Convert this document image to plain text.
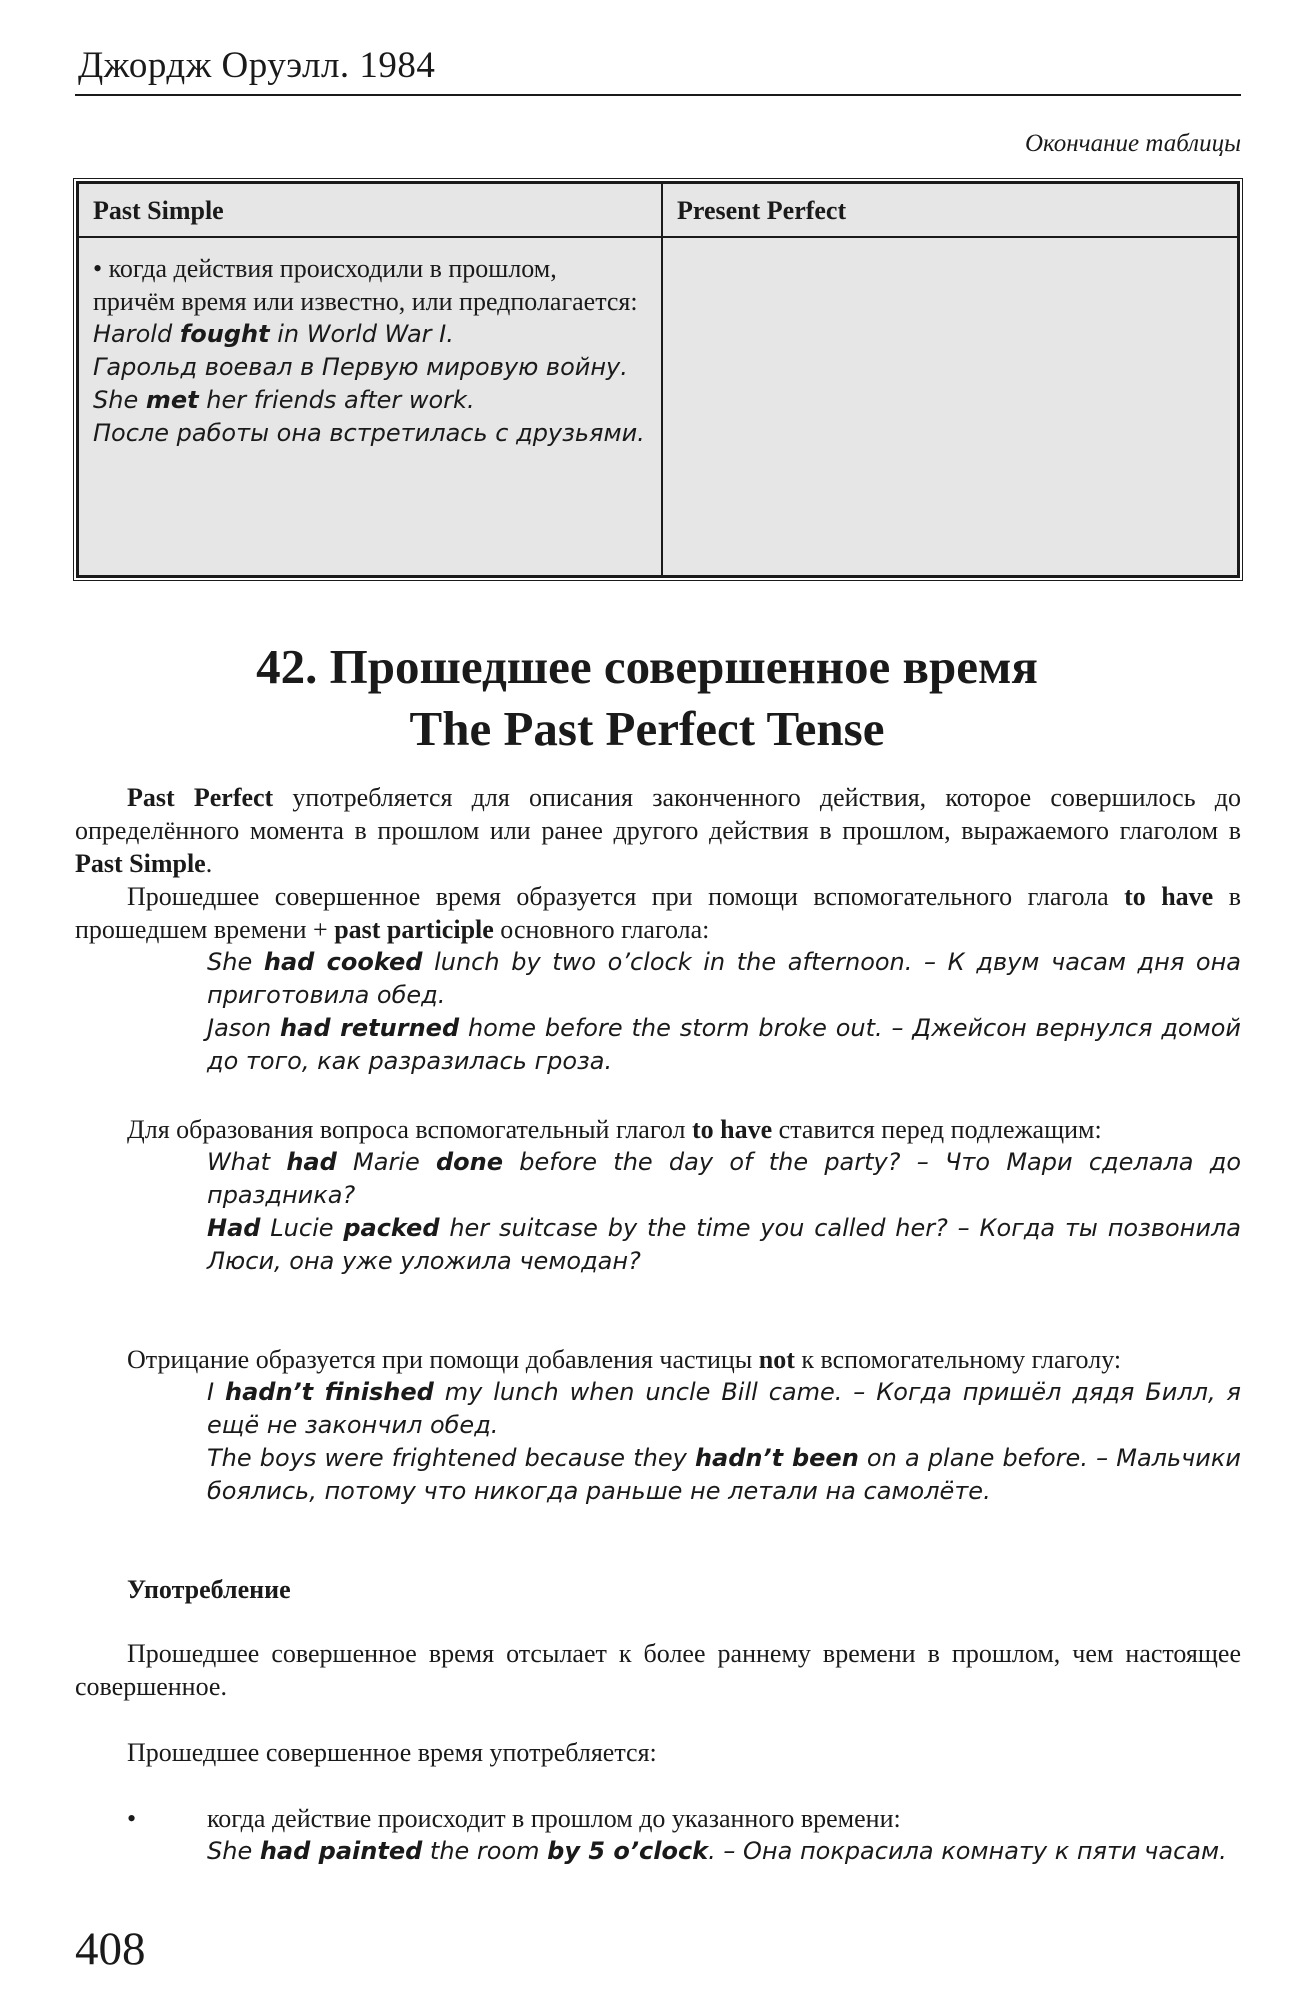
Джордж Оруэлл. 1984
Окончание таблицы
Past Simple	Present Perfect

• когда действия происходили в прошлом, причём время или известно, или предполагается:
Harold fought in World War I.
Гарольд воевал в Первую мировую войну.
She met her friends after work.
После работы она встретилась с друзьями.	

42. Прошедшее совершенное время
The Past Perfect Tense

Past Perfect употребляется для описания законченного действия, которое совершилось до определённого момента в прошлом или ранее другого действия в прошлом, выражаемого глаголом в Past Simple.

Прошедшее совершенное время образуется при помощи вспомогательного глагола to have в прошедшем времени + past participle основного глагола:

She had cooked lunch by two o’clock in the afternoon. – К двум часам дня она приготовила обед.
Jason had returned home before the storm broke out. – Джейсон вернулся домой до того, как разразилась гроза.

Для образования вопроса вспомогательный глагол to have ставится перед подлежащим:

What had Marie done before the day of the party? – Что Мари сделала до праздника?
Had Lucie packed her suitcase by the time you called her? – Когда ты позвонила Люси, она уже уложила чемодан?

Отрицание образуется при помощи добавления частицы not к вспомогательному глаголу:

I hadn’t finished my lunch when uncle Bill came. – Когда пришёл дядя Билл, я ещё не закончил обед.
The boys were frightened because they hadn’t been on a plane before. – Мальчики боялись, потому что никогда раньше не летали на самолёте.
Употребление

Прошедшее совершенное время отсылает к более раннему времени в прошлом, чем настоящее совершенное.

Прошедшее совершенное время употребляется:

•	когда действие происходит в прошлом до указанного времени:
She had painted the room by 5 o’clock. – Она покрасила комнату к пяти часам.
408
